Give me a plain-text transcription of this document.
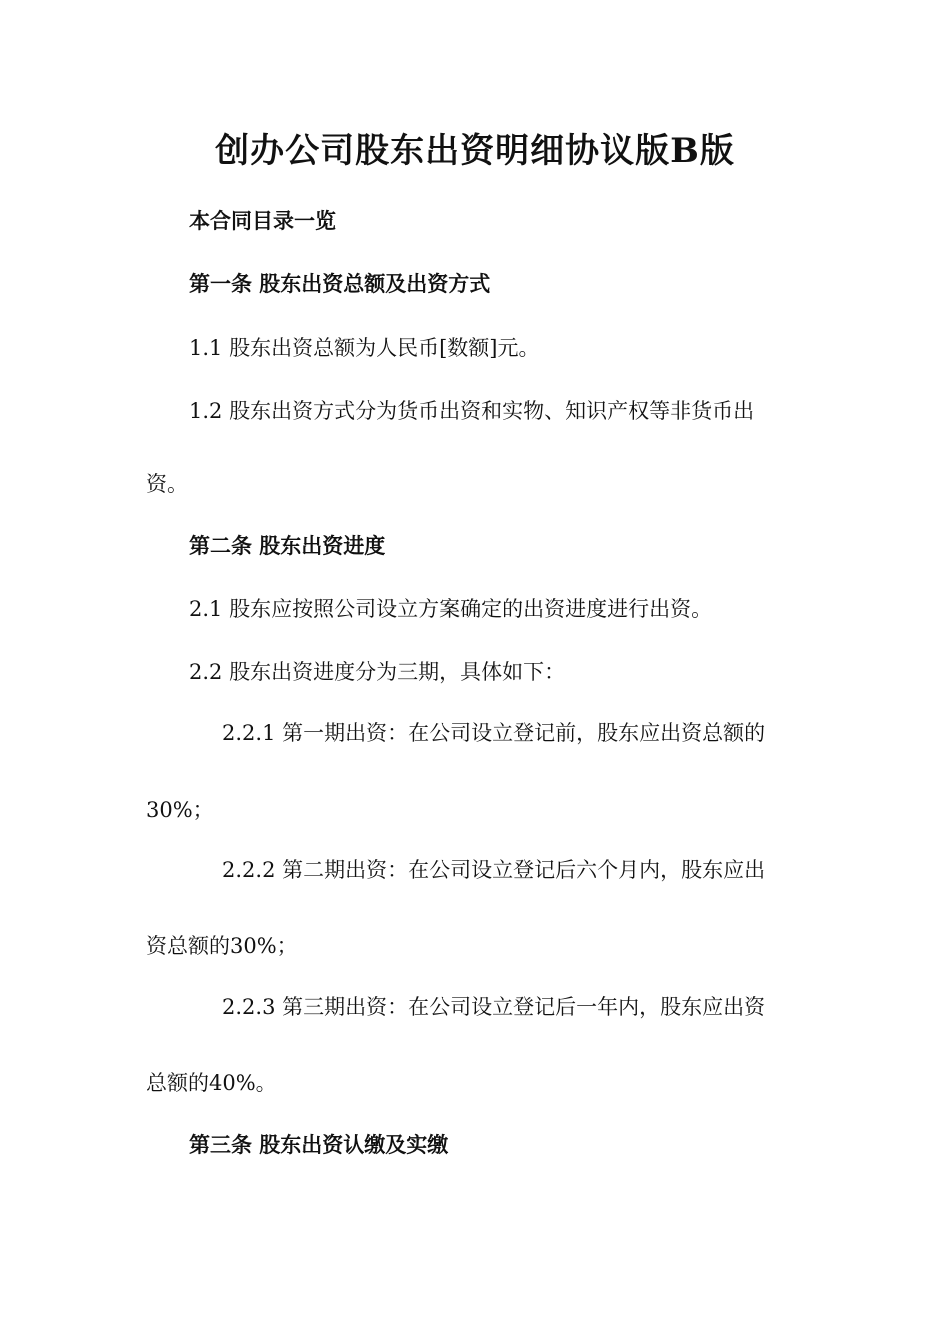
创办公司股东出资明细协议版B版
本合同目录一览
第一条 股东出资总额及出资方式
1.1 股东出资总额为人民币[数额]元。
1.2 股东出资方式分为货币出资和实物、知识产权等非货币出
资。
第二条 股东出资进度
2.1 股东应按照公司设立方案确定的出资进度进行出资。
2.2 股东出资进度分为三期，具体如下：
2.2.1 第一期出资：在公司设立登记前，股东应出资总额的
30%；
2.2.2 第二期出资：在公司设立登记后六个月内，股东应出
资总额的30%；
2.2.3 第三期出资：在公司设立登记后一年内，股东应出资
总额的40%。
第三条 股东出资认缴及实缴
